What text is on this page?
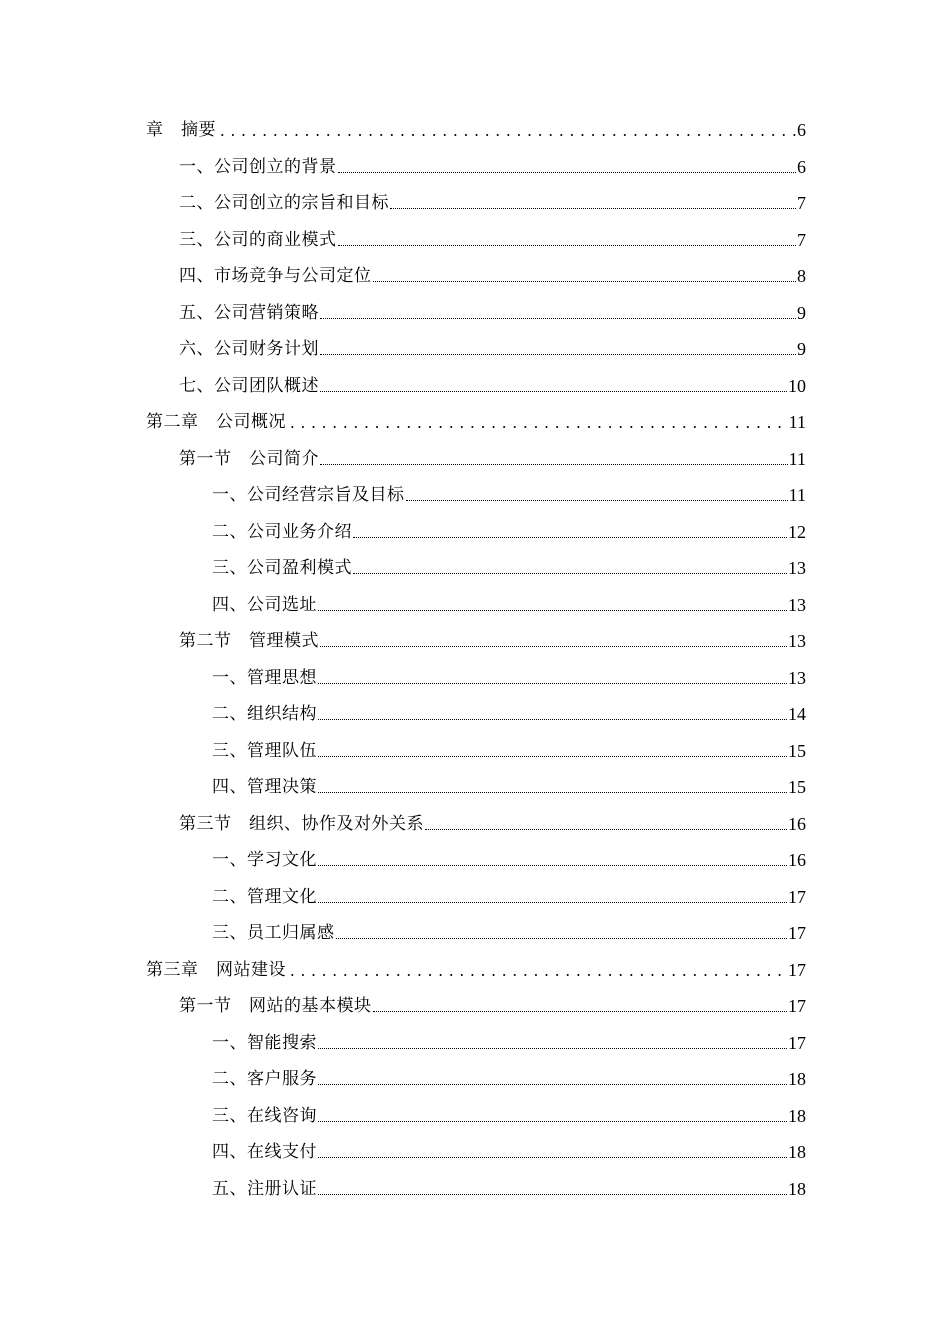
章　摘要	6
一、公司创立的背景	6
二、公司创立的宗旨和目标	7
三、公司的商业模式	7
四、市场竞争与公司定位	8
五、公司营销策略	9
六、公司财务计划	9
七、公司团队概述	10
第二章　公司概况	11
第一节　公司简介	11
一、公司经营宗旨及目标	11
二、公司业务介绍	12
三、公司盈利模式	13
四、公司选址	13
第二节　管理模式	13
一、管理思想	13
二、组织结构	14
三、管理队伍	15
四、管理决策	15
第三节　组织、协作及对外关系	16
一、学习文化	16
二、管理文化	17
三、员工归属感	17
第三章　网站建设	17
第一节　网站的基本模块	17
一、智能搜索	17
二、客户服务	18
三、在线咨询	18
四、在线支付	18
五、注册认证	18
